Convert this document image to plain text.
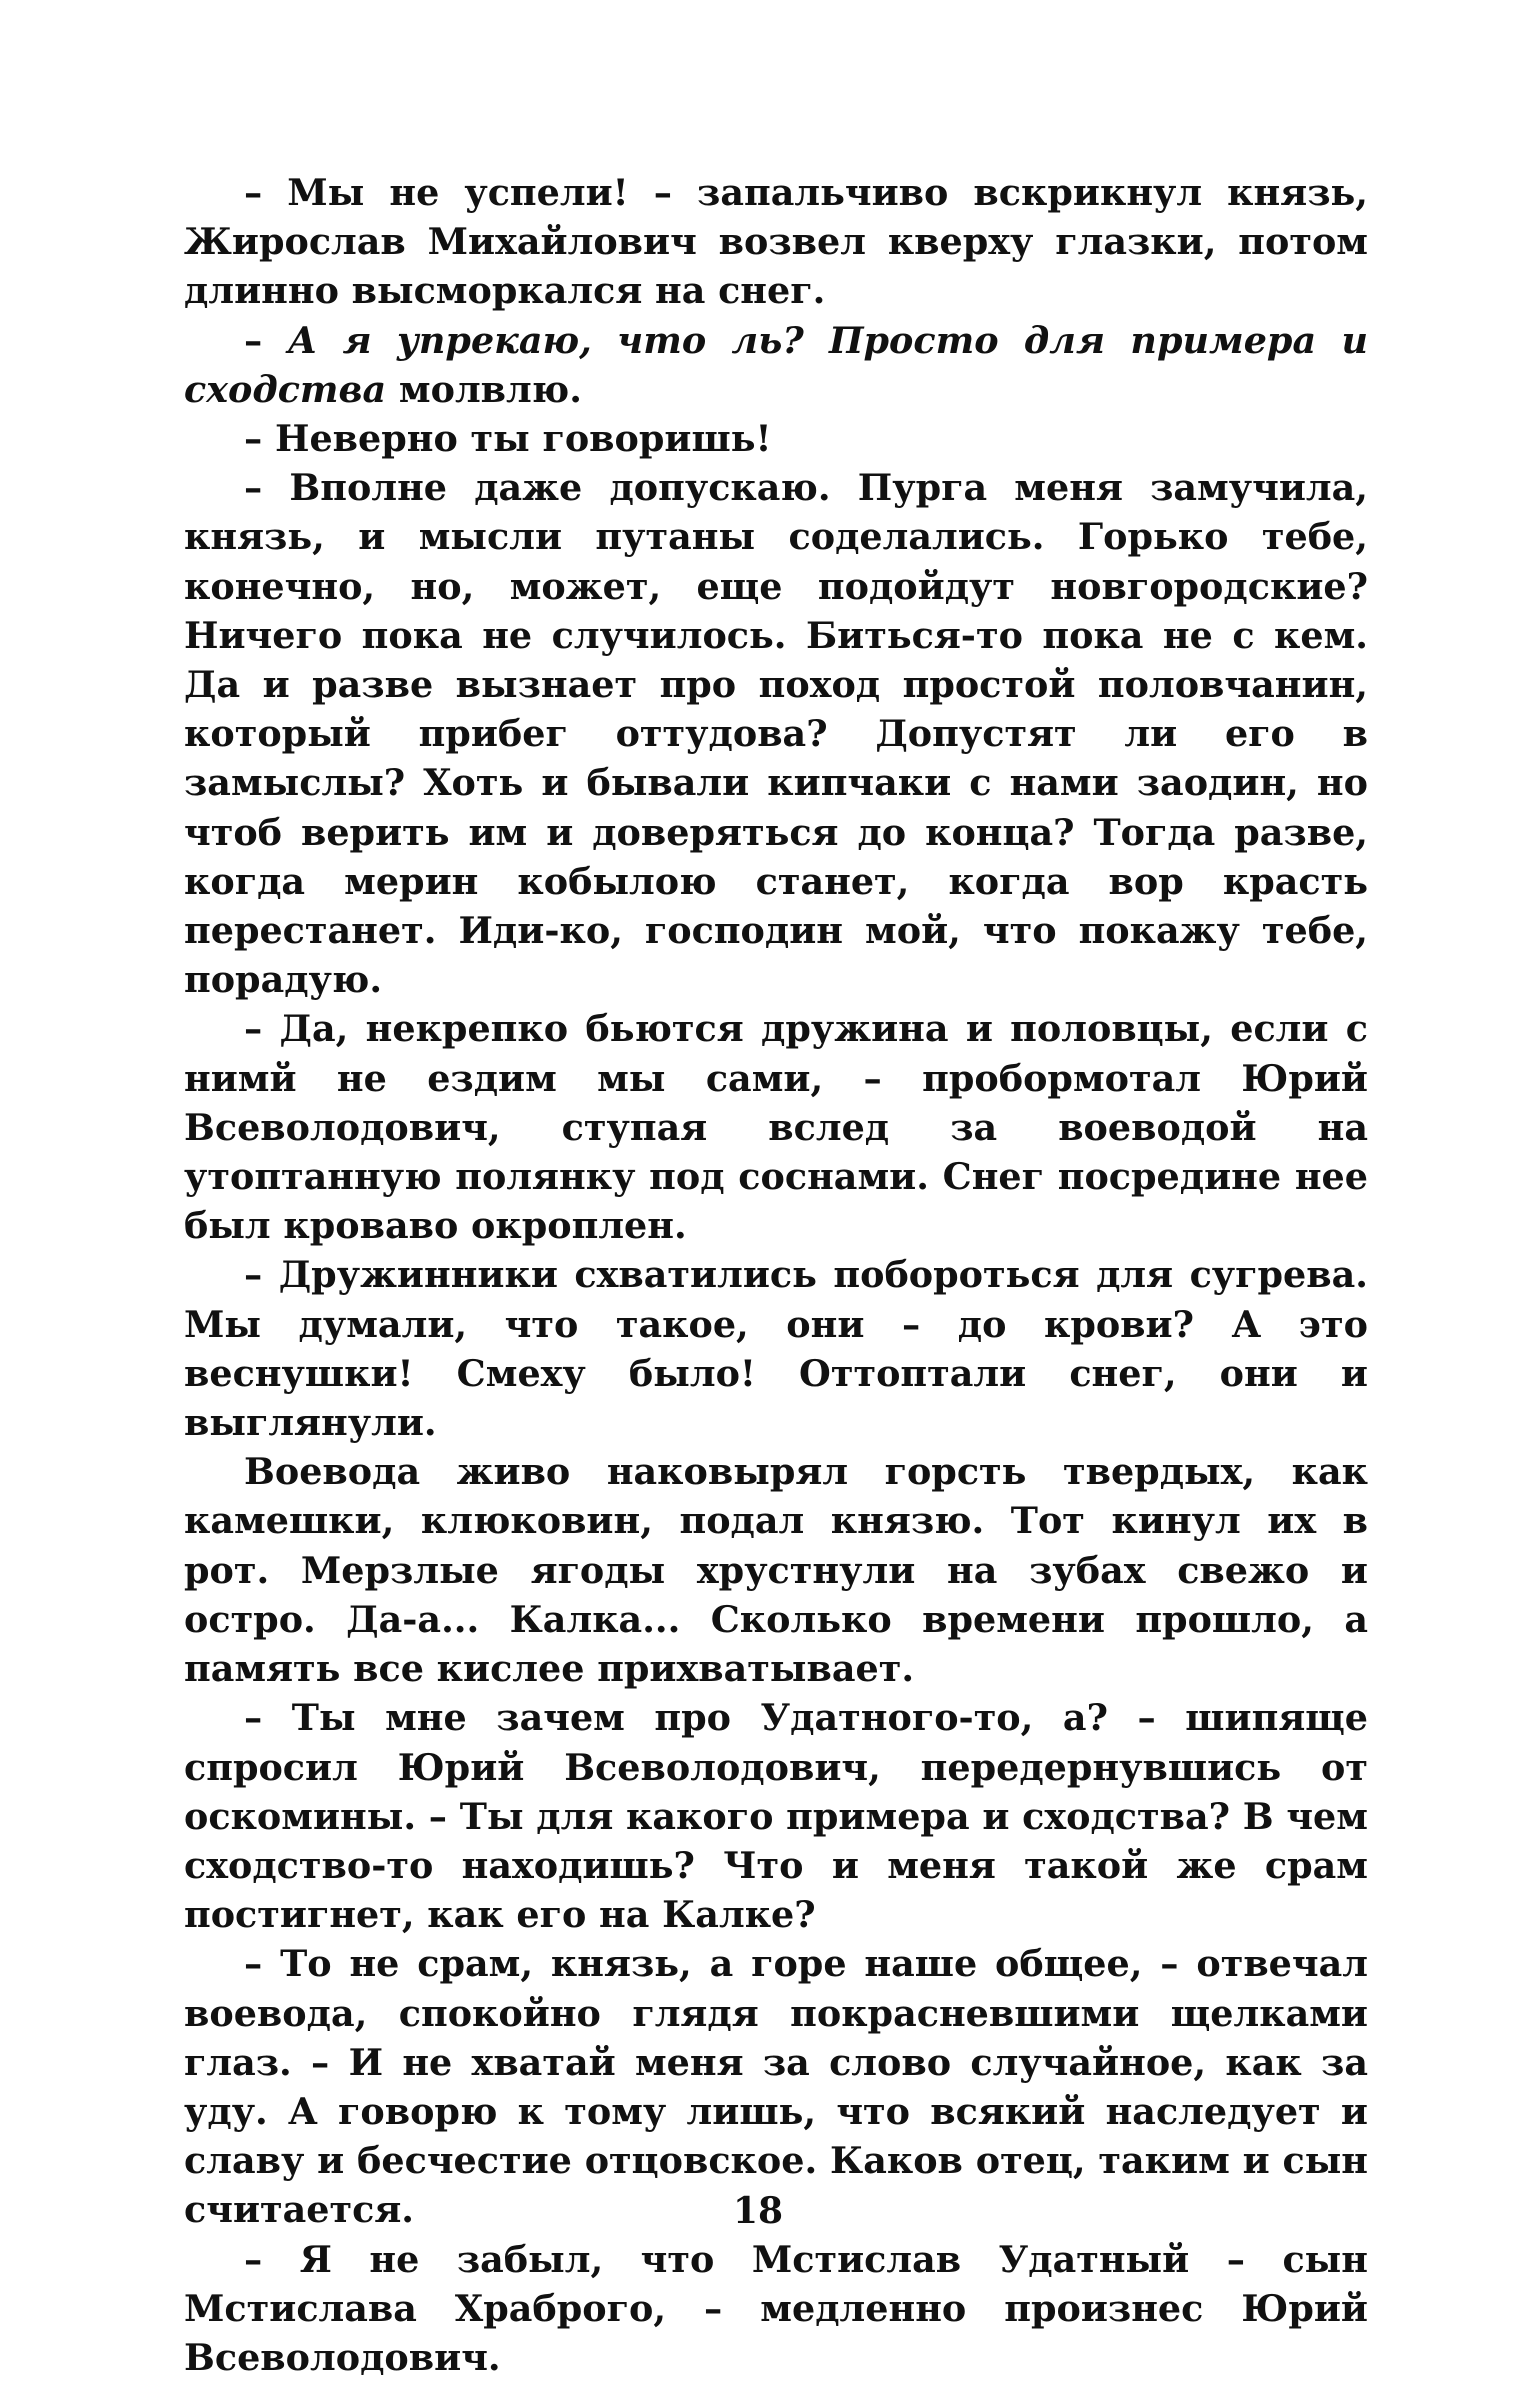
– Мы не успели! – запальчиво вскрикнул князь, Жирослав Михайлович возвел кверху глазки, потом длинно высморкался на снег.

– А я упрекаю, что ль? Просто для примера и сходства молвлю.

– Неверно ты говоришь!

– Вполне даже допускаю. Пурга меня замучила, князь, и мысли путаны соделались. Горько тебе, конечно, но, может, еще подойдут новгородские? Ничего пока не случилось. Биться-то пока не с кем. Да и разве вызнает про поход простой половчанин, который прибег оттудова? Допустят ли его в замыслы? Хоть и бывали кипчаки с нами заодин, но чтоб верить им и доверяться до конца? Тогда разве, когда мерин кобылою станет, когда вор красть перестанет. Иди-ко, господин мой, что покажу тебе, порадую.

– Да, некрепко бьются дружина и половцы, если с нимй не ездим мы сами, – пробормотал Юрий Всеволодович, ступая вслед за воеводой на утоптанную полянку под соснами. Снег посредине нее был кроваво окроплен.

– Дружинники схватились побороться для сугрева. Мы думали, что такое, они – до крови? А это веснушки! Смеху было! Оттоптали снег, они и выглянули.

Воевода живо наковырял горсть твердых, как камешки, клюковин, подал князю. Тот кинул их в рот. Мерзлые ягоды хрустнули на зубах свежо и остро. Да-а... Калка... Сколько времени прошло, а память все кислее прихватывает.

– Ты мне зачем про Удатного-то, а? – шипяще спросил Юрий Всеволодович, передернувшись от оскомины. – Ты для какого примера и сходства? В чем сходство-то находишь? Что и меня такой же срам постигнет, как его на Калке?

– То не срам, князь, а горе наше общее, – отвечал воевода, спокойно глядя покрасневшими щелками глаз. – И не хватай меня за слово случайное, как за уду. А говорю к тому лишь, что всякий наследует и славу и бесчестие отцовское. Каков отец, таким и сын считается.

– Я не забыл, что Мстислав Удатный – сын Мстислава Храброго, – медленно произнес Юрий Всеволодович.

18
